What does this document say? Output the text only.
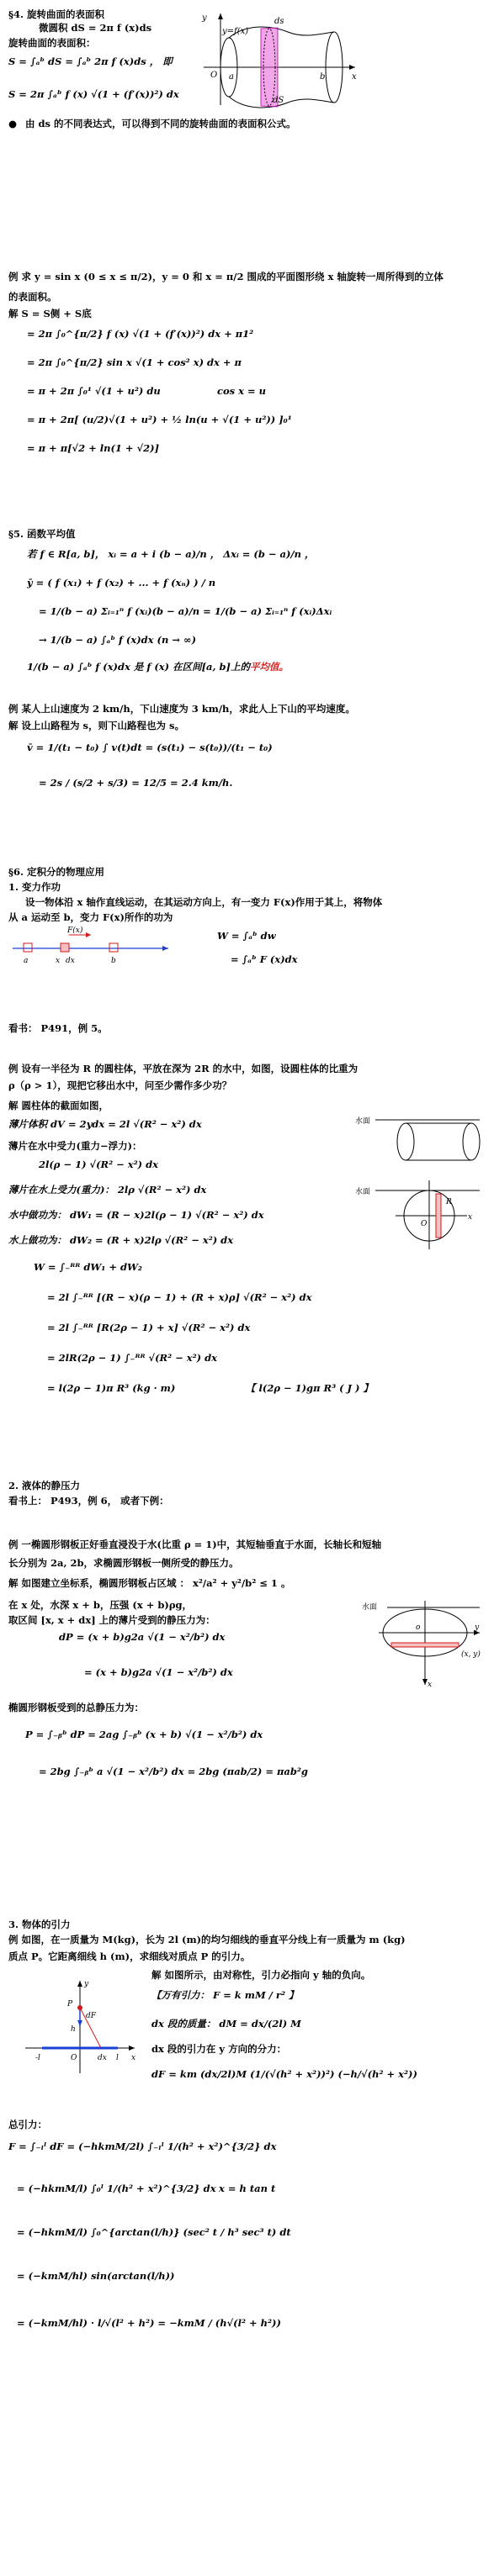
§4. 旋转曲面的表面积
微圆积 dS = 2π f (x)ds
旋转曲面的表面积：
S = ∫ₐᵇ dS = ∫ₐᵇ 2π f (x)ds ， 即
S = 2π ∫ₐᵇ f (x) √(1 + (f′(x))²) dx
y
y=f(x)
ds
O a	b	x
dS
● 由 ds 的不同表达式，可以得到不同的旋转曲面的表面积公式。
例 求 y = sin x (0 ≤ x ≤ π/2)，y = 0 和 x = π/2 围成的平面图形绕 x 轴旋转一周所得到的立体
的表面积。
解 S = S侧 + S底
= 2π ∫₀^{π/2} f (x) √(1 + (f′(x))²) dx + π1²
= 2π ∫₀^{π/2} sin x √(1 + cos² x) dx + π
= π + 2π ∫₀¹ √(1 + u²) du	cos x = u
= π + 2π[ (u/2)√(1 + u²) + ½ ln(u + √(1 + u²)) ]₀¹
= π + π[√2 + ln(1 + √2)]
§5. 函数平均值
若 f ∈ R[a, b]， xᵢ = a + i (b − a)/n ， Δxᵢ = (b − a)/n ，
ȳ = ( f (x₁) + f (x₂) + ... + f (xₙ) ) / n
= 1/(b − a) Σᵢ₌₁ⁿ f (xᵢ)(b − a)/n = 1/(b − a) Σᵢ₌₁ⁿ f (xᵢ)Δxᵢ
→ 1/(b − a) ∫ₐᵇ f (x)dx (n → ∞)
1/(b − a) ∫ₐᵇ f (x)dx 是 f (x) 在区间[a, b]上的平均值。
例 某人上山速度为 2 km/h，下山速度为 3 km/h，求此人上下山的平均速度。
解 设上山路程为 s，则下山路程也为 s。
v̄ = 1/(t₁ − t₀) ∫ v(t)dt = (s(t₁) − s(t₀))/(t₁ − t₀)
= 2s / (s/2 + s/3) = 12/5 = 2.4 km/h.
§6. 定积分的物理应用
1. 变力作功
设一物体沿 x 轴作直线运动，在其运动方向上，有一变力 F(x)作用于其上，将物体
从 a 运动至 b，变力 F(x)所作的功为
F(x)
a	x dx	b
W = ∫ₐᵇ dw
= ∫ₐᵇ F (x)dx
看书： P491，例 5。
例 设有一半径为 R 的圆柱体，平放在深为 2R 的水中，如图，设圆柱体的比重为
ρ（ρ > 1），现把它移出水中，问至少需作多少功？
解 圆柱体的截面如图，
薄片体积 dV = 2ydx = 2l √(R² − x²) dx
薄片在水中受力(重力−浮力)：
2l(ρ − 1) √(R² − x²) dx
薄片在水上受力(重力)： 2lρ √(R² − x²) dx
水中做功为： dW₁ = (R − x)2l(ρ − 1) √(R² − x²) dx
水上做功为： dW₂ = (R + x)2lρ √(R² − x²) dx
W = ∫₋ᴿᴿ dW₁ + dW₂
= 2l ∫₋ᴿᴿ [(R − x)(ρ − 1) + (R + x)ρ] √(R² − x²) dx
= 2l ∫₋ᴿᴿ [R(2ρ − 1) + x] √(R² − x²) dx
= 2lR(2ρ − 1) ∫₋ᴿᴿ √(R² − x²) dx
= l(2ρ − 1)π R³ (kg · m)	【 l(2ρ − 1)gπ R³ ( J ) 】
水面
水面
x
O
R
2. 液体的静压力
看书上： P493，例 6， 或者下例：
例 一椭圆形钢板正好垂直浸没于水(比重 ρ = 1)中，其短轴垂直于水面，长轴长和短轴
长分别为 2a, 2b，求椭圆形钢板一侧所受的静压力。
解 如图建立坐标系，椭圆形钢板占区域 ： x²/a² + y²/b² ≤ 1 。
在 x 处，水深 x + b，压强 (x + b)ρg，
取区间 [x, x + dx] 上的薄片受到的静压力为：
dP = (x + b)g2a √(1 − x²/b²) dx
= (x + b)g2a √(1 − x²/b²) dx
椭圆形钢板受到的总静压力为：
P = ∫₋ᵦᵇ dP = 2ag ∫₋ᵦᵇ (x + b) √(1 − x²/b²) dx
= 2bg ∫₋ᵦᵇ a √(1 − x²/b²) dx = 2bg (πab/2) = πab²g
水面
o	y
x
(x, y)
3. 物体的引力
例 如图，在一质量为 M(kg)，长为 2l (m)的均匀细线的垂直平分线上有一质量为 m (kg)
质点 P。它距离细线 h (m)，求细线对质点 P 的引力。
解 如图所示，由对称性，引力必指向 y 轴的负向。
【万有引力： F = k mM / r² 】
dx 段的质量： dM = dx/(2l) M
dx 段的引力在 y 方向的分力：
dF = km (dx/2l)M (1/(√(h² + x²))²) (−h/√(h² + x²))
y
dF
P
h
-l	O	x
dx l
总引力：
F = ∫₋ₗˡ dF = (−hkmM/2l) ∫₋ₗˡ 1/(h² + x²)^{3/2} dx
= (−hkmM/l) ∫₀ˡ 1/(h² + x²)^{3/2} dx x = h tan t
= (−hkmM/l) ∫₀^{arctan(l/h)} (sec² t / h³ sec³ t) dt
= (−kmM/hl) sin(arctan(l/h))
= (−kmM/hl) · l/√(l² + h²) = −kmM / (h√(l² + h²))
